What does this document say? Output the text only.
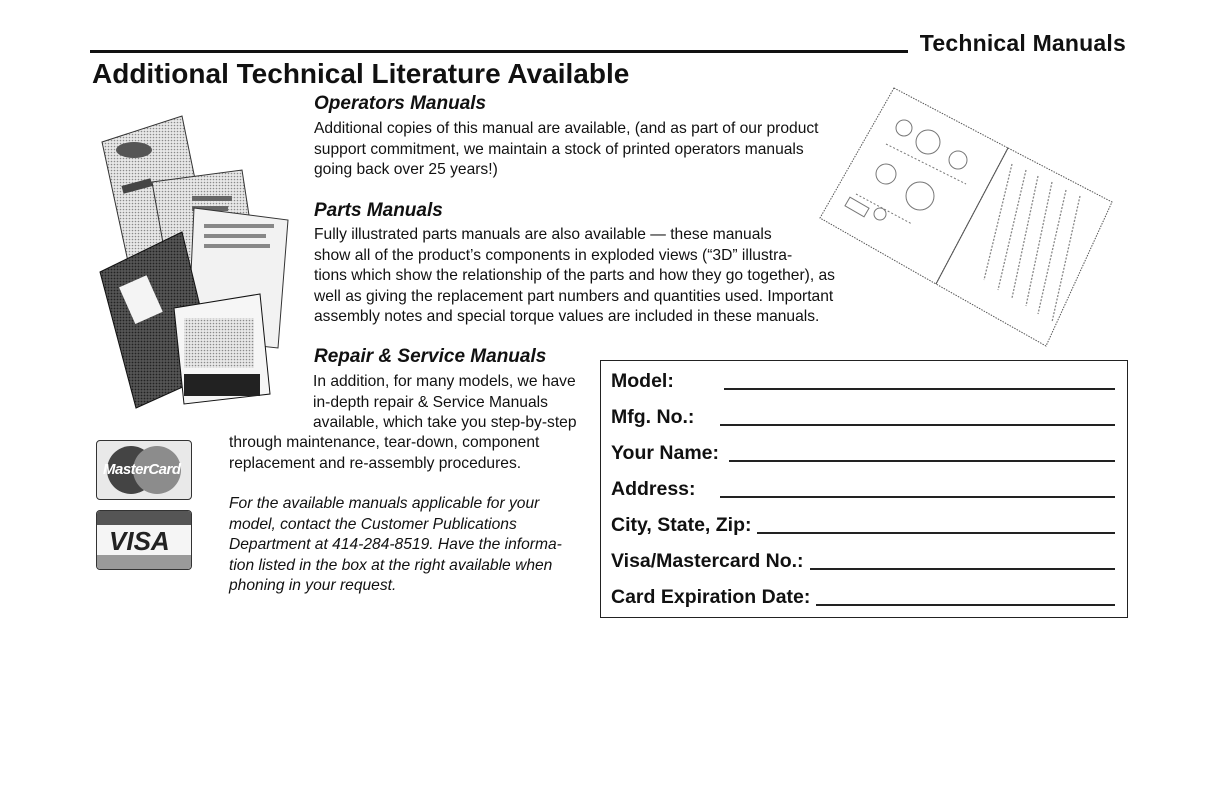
Technical Manuals
Additional Technical Literature Available
Operators Manuals
Additional copies of this manual are available, (and as part of our product
support commitment, we maintain a stock of printed operators manuals
going back over 25 years!)
Parts Manuals
Fully illustrated parts manuals are also available — these manuals
show all of the product’s components in exploded views (“3D” illustra-
tions which show the relationship of the parts and how they go together), as
well as giving the replacement part numbers and quantities used. Important
assembly notes and special torque values are included in these manuals.
Repair & Service Manuals
In addition, for many models, we have
in-depth repair & Service Manuals
available, which take you step-by-step
through maintenance, tear-down, component
replacement and re-assembly procedures.
MasterCard
VISA
For the available manuals applicable for your
model, contact the Customer Publications
Department at 414-284-8519. Have the informa-
tion listed in the box at the right available when
phoning in your request.
Model:
Mfg. No.:
Your Name:
Address:
City, State, Zip:
Visa/Mastercard No.:
Card Expiration Date:
